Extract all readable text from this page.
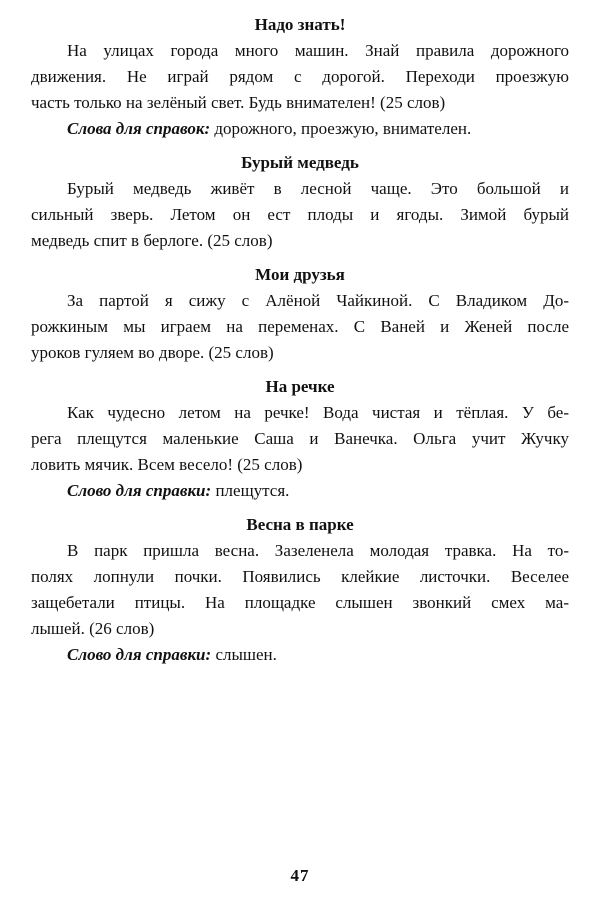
Надо знать!

На улицах города много машин. Знай правила дорожного
движения. Не играй рядом с дорогой. Переходи проезжую
часть только на зелёный свет. Будь внимателен! (25 слов)

Слова для справок: дорожного, проезжую, внимателен.

Бурый медведь

Бурый медведь живёт в лесной чаще. Это большой и
сильный зверь. Летом он ест плоды и ягоды. Зимой бурый
медведь спит в берлоге. (25 слов)

Мои друзья

За партой я сижу с Алёной Чайкиной. С Владиком До-
рожкиным мы играем на переменах. С Ваней и Женей после
уроков гуляем во дворе. (25 слов)

На речке

Как чудесно летом на речке! Вода чистая и тёплая. У бе-
рега плещутся маленькие Саша и Ванечка. Ольга учит Жучку
ловить мячик. Всем весело! (25 слов)

Слово для справки: плещутся.

Весна в парке

В парк пришла весна. Зазеленела молодая травка. На то-
полях лопнули почки. Появились клейкие листочки. Веселее
защебетали птицы. На площадке слышен звонкий смех ма-
лышей. (26 слов)

Слово для справки: слышен.

47
